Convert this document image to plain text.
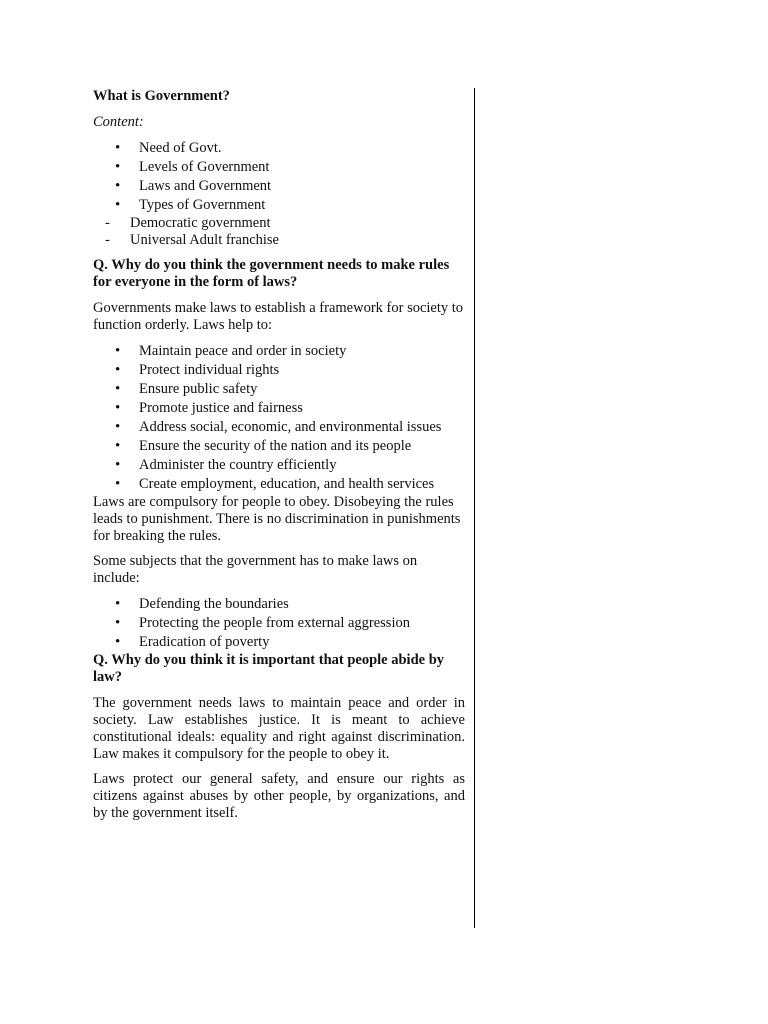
What is Government?
Content:
• Need of Govt.
• Levels of Government
• Laws and Government
• Types of Government
- Democratic government
- Universal Adult franchise
Q. Why do you think the government needs to make rules for everyone in the form of laws?

Governments make laws to establish a framework for society to function orderly. Laws help to:

• Maintain peace and order in society
• Protect individual rights
• Ensure public safety
• Promote justice and fairness
• Address social, economic, and environmental issues
• Ensure the security of the nation and its people
• Administer the country efficiently
• Create employment, education, and health services

Laws are compulsory for people to obey. Disobeying the rules leads to punishment. There is no discrimination in punishments for breaking the rules.

Some subjects that the government has to make laws on include:

• Defending the boundaries
• Protecting the people from external aggression
• Eradication of poverty
Q. Why do you think it is important that people abide by law?

The government needs laws to maintain peace and order in society. Law establishes justice. It is meant to achieve constitutional ideals: equality and right against discrimination. Law makes it compulsory for the people to obey it.

Laws protect our general safety, and ensure our rights as citizens against abuses by other people, by organizations, and by the government itself.
